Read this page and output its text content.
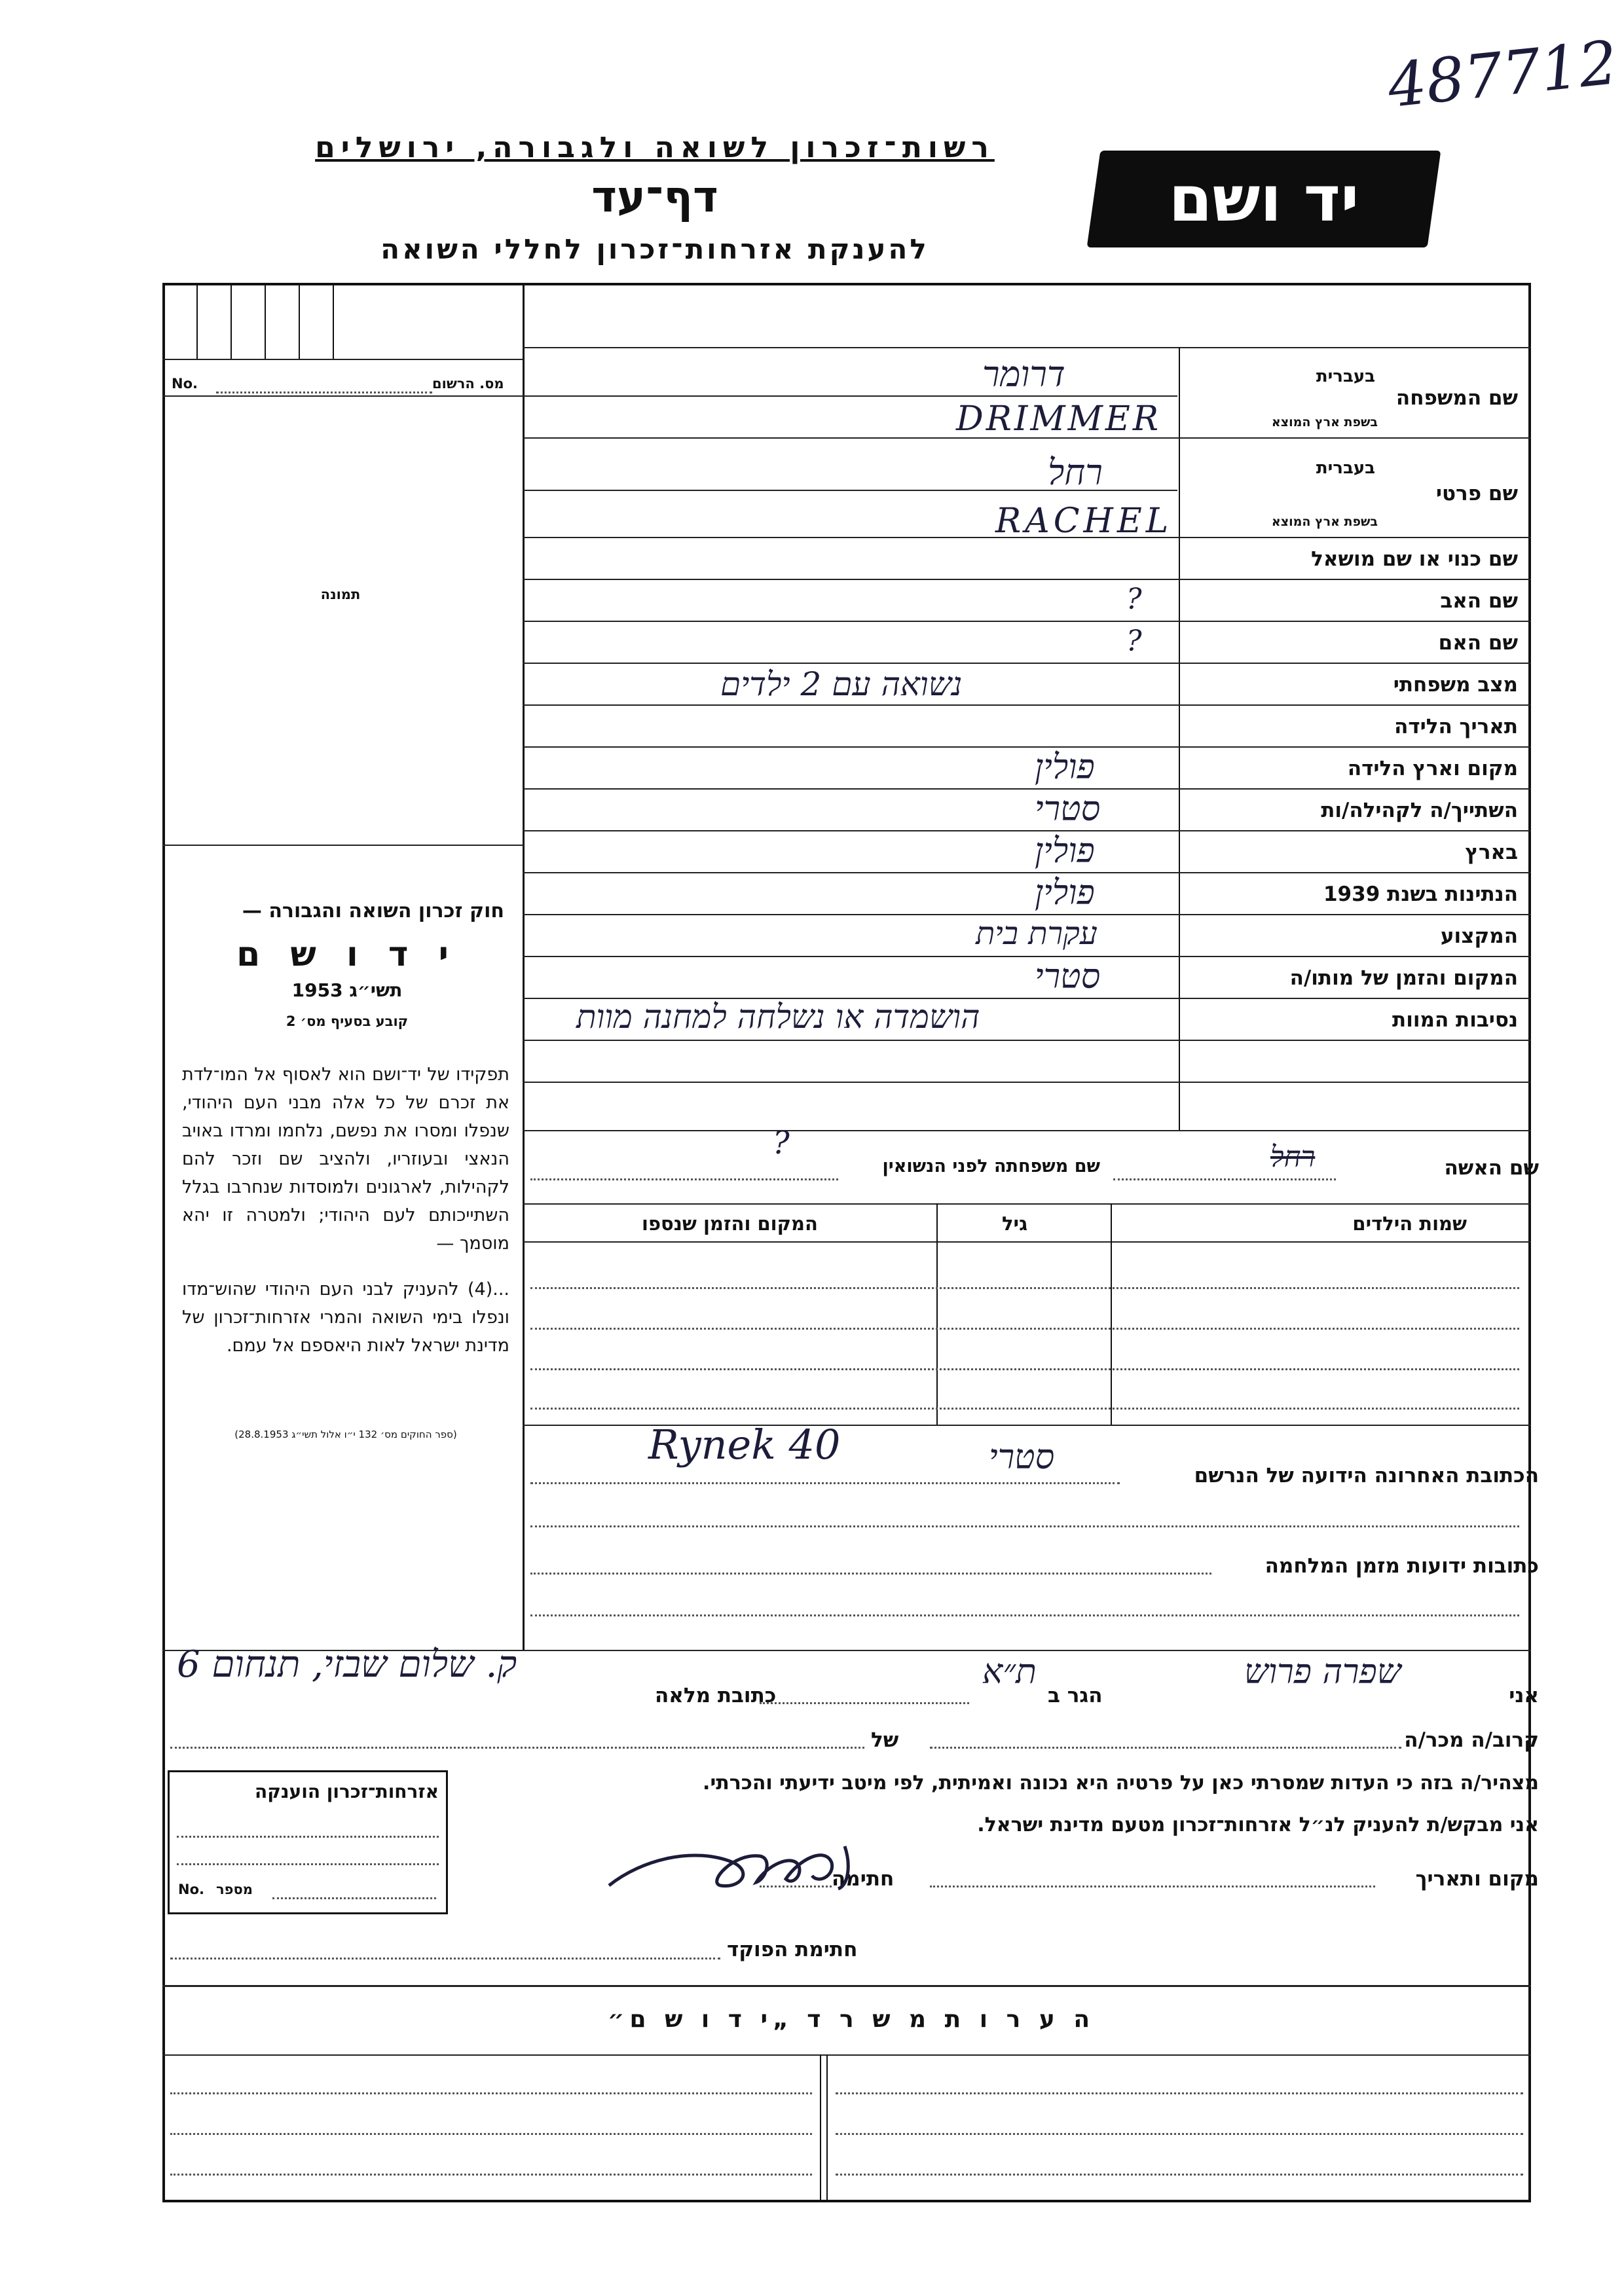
487712
רשות־זכרון לשואה ולגבורה, ירושלים
דף־עד
להענקת אזרחות־זכרון לחללי השואה
יד ושם
מס. הרשום
No.
תמונה
חוק זכרון השואה והגבורה —
י ד ו ש ם
תשי״ג 1953
קובע בסעיף מס׳ 2
תפקידו של יד־ושם הוא לאסוף אל המו־לדת את זכרם של כל אלה מבני העם היהודי, שנפלו ומסרו את נפשם, נלחמו ומרדו באויב הנאצי ובעוזריו, ולהציב שם וזכר להם לקהילות, לארגונים ולמוסדות שנחרבו בגלל השתייכותם לעם היהודי; ולמטרה זו יהא מוסמך —
...(4) להעניק לבני העם היהודי שהוש־מדו ונפלו בימי השואה והמרי אזרחות־זכרון של מדינת ישראל לאות היאספם אל עמם.
(ספר החוקים מס׳ 132 י״ו אלול תשי״ג 28.8.1953)
שם המשפחה
בעברית
בשפת ארץ המוצא
דרומר
DRIMMER
שם פרטי
בעברית
בשפת ארץ המוצא
רחל
RACHEL
שם כנוי או שם מושאל
שם האב
?
שם האם
?
מצב משפחתי
נשואה עם 2 ילדים
תאריך הלידה
מקום וארץ הלידה
פולין
השתייך/ה לקהילה/ות
סטרי
בארץ
פולין
הנתינות בשנת 1939
פולין
המקצוע
עקרת בית
המקום והזמן של מותו/ה
סטרי
נסיבות המוות
הושמדה או נשלחה למחנה מוות
שם האשה
רחל
שם משפחתה לפני הנשואין
?
שמות הילדים
גיל
המקום והזמן שנספו
Rynek 40	סטרי	הכתובת האחרונה הידועה של הנרשם
כתובות ידועות מזמן המלחמה
אני
שפרה פרוש
הגר ב
ת״א
כתובת מלאה
ק. שלום שבזי, תנחום 6
קרוב/ה מכר/ה
של
מצהיר/ה בזה כי העדות שמסרתי כאן על פרטיה היא נכונה ואמיתית, לפי מיטב ידיעתי והכרתי.
אני מבקש/ת להעניק לנ״ל אזרחות־זכרון מטעם מדינת ישראל.
מקום ותאריך
חתימה
חתימת הפוקד
אזרחות־זכרון הוענקה
No. מספר
ה ע ר ו ת מ ש ר ד „י ד ו ש ם״
